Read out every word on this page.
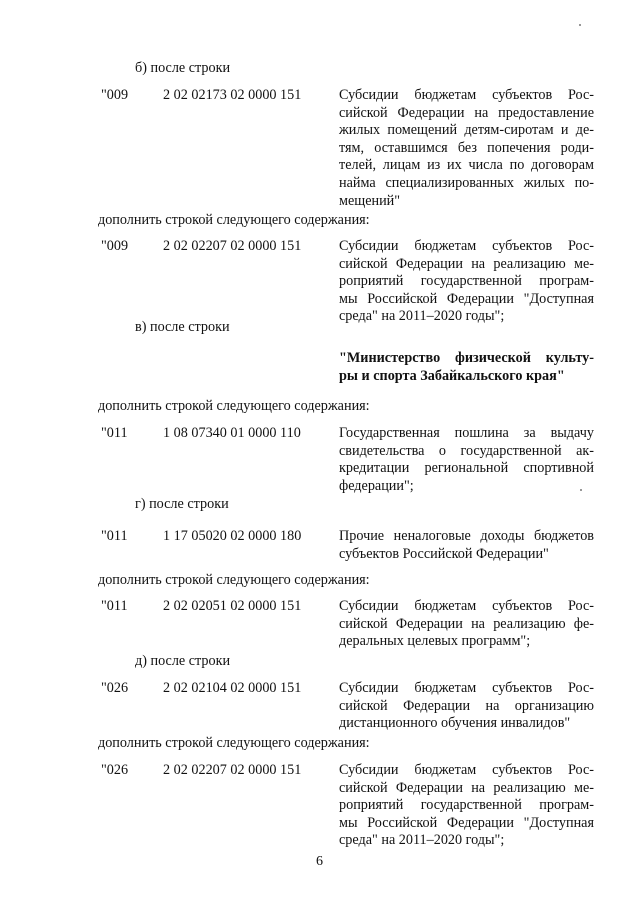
б) после строки
"009 2 02 02173 02 0000 151	Субсидии бюджетам субъектов Рос-
сийской Федерации на предоставление
жилых помещений детям-сиротам и де-
тям, оставшимся без попечения роди-
телей, лицам из их числа по договорам
найма специализированных жилых по-
мещений"
дополнить строкой следующего содержания:
"009 2 02 02207 02 0000 151	Субсидии бюджетам субъектов Рос-
сийской Федерации на реализацию ме-
роприятий государственной програм-
мы Российской Федерации "Доступная
среда" на 2011–2020 годы";
в) после строки
"Министерство физической культу-
ры и спорта Забайкальского края"
дополнить строкой следующего содержания:
"011 1 08 07340 01 0000 110	Государственная пошлина за выдачу
свидетельства о государственной ак-
кредитации региональной спортивной
федерации";
г) после строки
"011 1 17 05020 02 0000 180	Прочие неналоговые доходы бюджетов
субъектов Российской Федерации"
дополнить строкой следующего содержания:
"011 2 02 02051 02 0000 151	Субсидии бюджетам субъектов Рос-
сийской Федерации на реализацию фе-
деральных целевых программ";
д) после строки
"026 2 02 02104 02 0000 151	Субсидии бюджетам субъектов Рос-
сийской Федерации на организацию
дистанционного обучения инвалидов"
дополнить строкой следующего содержания:
"026 2 02 02207 02 0000 151	Субсидии бюджетам субъектов Рос-
сийской Федерации на реализацию ме-
роприятий государственной програм-
мы Российской Федерации "Доступная
среда" на 2011–2020 годы";
6
